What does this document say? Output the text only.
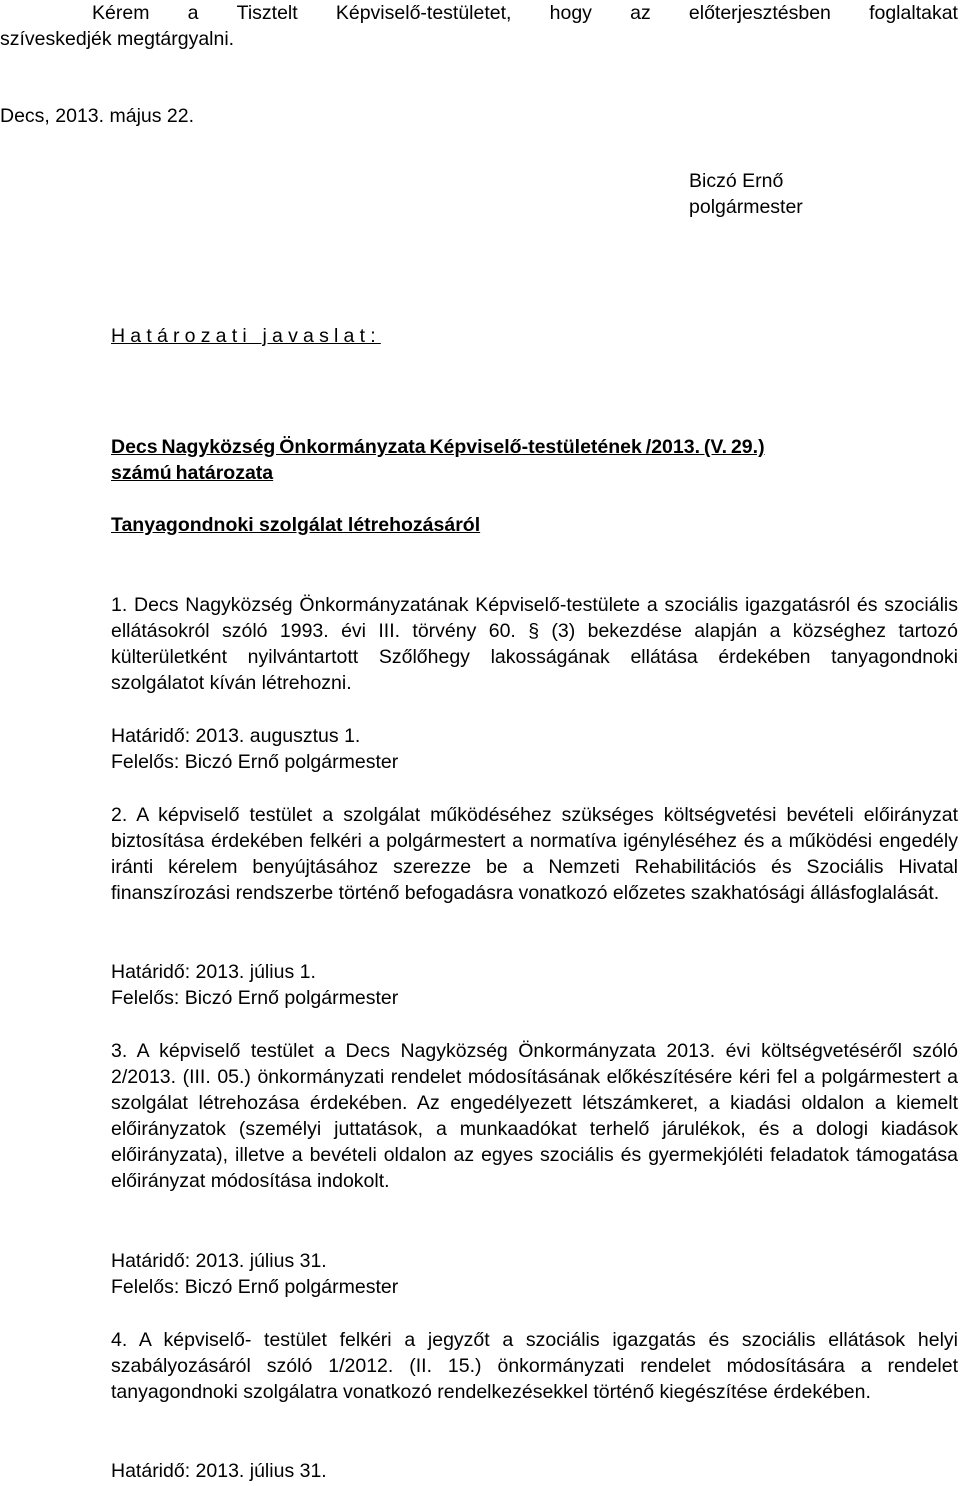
Kérem a Tisztelt Képviselő-testületet, hogy az előterjesztésben foglaltakat
szíveskedjék megtárgyalni.
Decs, 2013. május 22.
Biczó Ernő
polgármester
Határozati javaslat:
Decs Nagyközség Önkormányzata Képviselő-testületének /2013. (V. 29.)
számú határozata
Tanyagondnoki szolgálat létrehozásáról
1. Decs Nagyközség Önkormányzatának Képviselő-testülete a szociális igazgatásról és szociális ellátásokról szóló 1993. évi III. törvény 60. § (3) bekezdése alapján a községhez tartozó külterületként nyilvántartott Szőlőhegy lakosságának ellátása érdekében tanyagondnoki szolgálatot kíván létrehozni.
Határidő: 2013. augusztus 1.
Felelős: Biczó Ernő polgármester
2. A képviselő testület a szolgálat működéséhez szükséges költségvetési bevételi előirányzat biztosítása érdekében felkéri a polgármestert a normatíva igényléséhez és a működési engedély iránti kérelem benyújtásához szerezze be a Nemzeti Rehabilitációs és Szociális Hivatal finanszírozási rendszerbe történő befogadásra vonatkozó előzetes szakhatósági állásfoglalását.
Határidő: 2013. július 1.
Felelős: Biczó Ernő polgármester
3. A képviselő testület a Decs Nagyközség Önkormányzata 2013. évi költségvetéséről szóló 2/2013. (III. 05.) önkormányzati rendelet módosításának előkészítésére kéri fel a polgármestert a szolgálat létrehozása érdekében. Az engedélyezett létszámkeret, a kiadási oldalon a kiemelt előirányzatok (személyi juttatások, a munkaadókat terhelő járulékok, és a dologi kiadások előirányzata), illetve a bevételi oldalon az egyes szociális és gyermekjóléti feladatok támogatása előirányzat módosítása indokolt.
Határidő: 2013. július 31.
Felelős: Biczó Ernő polgármester
4. A képviselő- testület felkéri a jegyzőt a szociális igazgatás és szociális ellátások helyi szabályozásáról szóló 1/2012. (II. 15.) önkormányzati rendelet módosítására a rendelet tanyagondnoki szolgálatra vonatkozó rendelkezésekkel történő kiegészítése érdekében.
Határidő: 2013. július 31.
